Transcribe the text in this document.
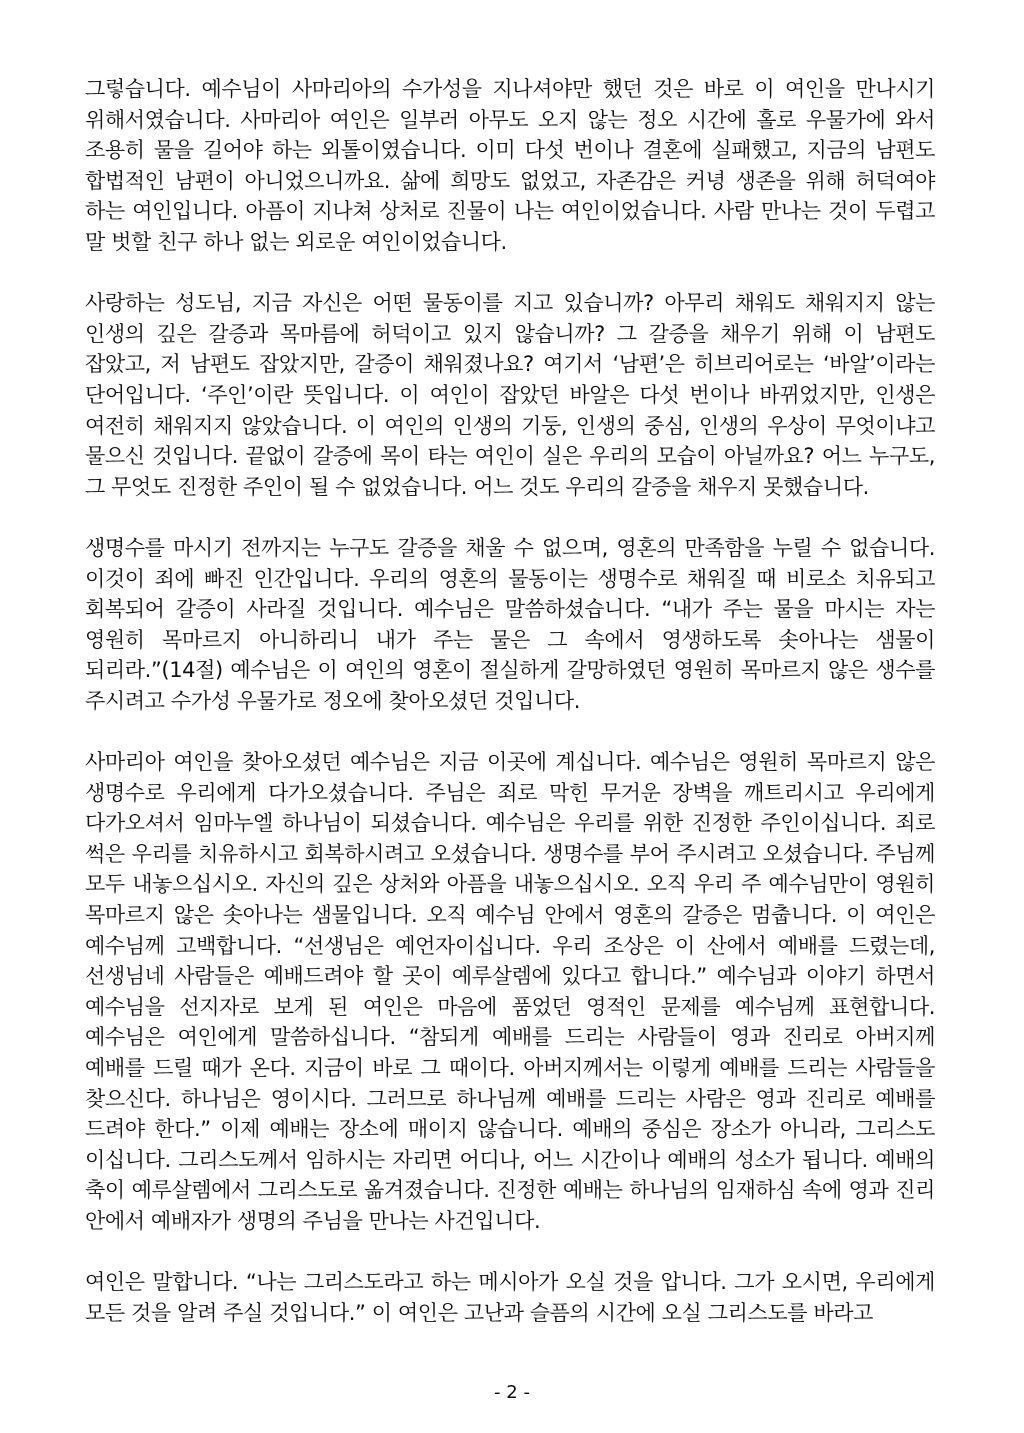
그렇습니다. 예수님이 사마리아의 수가성을 지나셔야만 했던 것은 바로 이 여인을 만나시기 위해서였습니다. 사마리아 여인은 일부러 아무도 오지 않는 정오 시간에 홀로 우물가에 와서 조용히 물을 길어야 하는 외톨이였습니다. 이미 다섯 번이나 결혼에 실패했고, 지금의 남편도 합법적인 남편이 아니었으니까요. 삶에 희망도 없었고, 자존감은 커녕 생존을 위해 허덕여야 하는 여인입니다. 아픔이 지나쳐 상처로 진물이 나는 여인이었습니다. 사람 만나는 것이 두렵고 말 벗할 친구 하나 없는 외로운 여인이었습니다.

사랑하는 성도님, 지금 자신은 어떤 물동이를 지고 있습니까? 아무리 채워도 채워지지 않는 인생의 깊은 갈증과 목마름에 허덕이고 있지 않습니까? 그 갈증을 채우기 위해 이 남편도 잡았고, 저 남편도 잡았지만, 갈증이 채워졌나요? 여기서 ‘남편’은 히브리어로는 ‘바알’이라는 단어입니다. ‘주인’이란 뜻입니다. 이 여인이 잡았던 바알은 다섯 번이나 바뀌었지만, 인생은 여전히 채워지지 않았습니다. 이 여인의 인생의 기둥, 인생의 중심, 인생의 우상이 무엇이냐고 물으신 것입니다. 끝없이 갈증에 목이 타는 여인이 실은 우리의 모습이 아닐까요? 어느 누구도, 그 무엇도 진정한 주인이 될 수 없었습니다. 어느 것도 우리의 갈증을 채우지 못했습니다.

생명수를 마시기 전까지는 누구도 갈증을 채울 수 없으며, 영혼의 만족함을 누릴 수 없습니다. 이것이 죄에 빠진 인간입니다. 우리의 영혼의 물동이는 생명수로 채워질 때 비로소 치유되고 회복되어 갈증이 사라질 것입니다. 예수님은 말씀하셨습니다. “내가 주는 물을 마시는 자는 영원히 목마르지 아니하리니 내가 주는 물은 그 속에서 영생하도록 솟아나는 샘물이 되리라.”(14절) 예수님은 이 여인의 영혼이 절실하게 갈망하였던 영원히 목마르지 않은 생수를 주시려고 수가성 우물가로 정오에 찾아오셨던 것입니다.

사마리아 여인을 찾아오셨던 예수님은 지금 이곳에 계십니다. 예수님은 영원히 목마르지 않은 생명수로 우리에게 다가오셨습니다. 주님은 죄로 막힌 무거운 장벽을 깨트리시고 우리에게 다가오셔서 임마누엘 하나님이 되셨습니다. 예수님은 우리를 위한 진정한 주인이십니다. 죄로 썩은 우리를 치유하시고 회복하시려고 오셨습니다. 생명수를 부어 주시려고 오셨습니다. 주님께 모두 내놓으십시오. 자신의 깊은 상처와 아픔을 내놓으십시오. 오직 우리 주 예수님만이 영원히 목마르지 않은 솟아나는 샘물입니다. 오직 예수님 안에서 영혼의 갈증은 멈춥니다. 이 여인은 예수님께 고백합니다. “선생님은 예언자이십니다. 우리 조상은 이 산에서 예배를 드렸는데, 선생님네 사람들은 예배드려야 할 곳이 예루살렘에 있다고 합니다.” 예수님과 이야기 하면서 예수님을 선지자로 보게 된 여인은 마음에 품었던 영적인 문제를 예수님께 표현합니다. 예수님은 여인에게 말씀하십니다. “참되게 예배를 드리는 사람들이 영과 진리로 아버지께 예배를 드릴 때가 온다. 지금이 바로 그 때이다. 아버지께서는 이렇게 예배를 드리는 사람들을 찾으신다. 하나님은 영이시다. 그러므로 하나님께 예배를 드리는 사람은 영과 진리로 예배를 드려야 한다.” 이제 예배는 장소에 매이지 않습니다. 예배의 중심은 장소가 아니라, 그리스도 이십니다. 그리스도께서 임하시는 자리면 어디나, 어느 시간이나 예배의 성소가 됩니다. 예배의 축이 예루살렘에서 그리스도로 옮겨졌습니다. 진정한 예배는 하나님의 임재하심 속에 영과 진리 안에서 예배자가 생명의 주님을 만나는 사건입니다.

여인은 말합니다. “나는 그리스도라고 하는 메시아가 오실 것을 압니다. 그가 오시면, 우리에게 모든 것을 알려 주실 것입니다.” 이 여인은 고난과 슬픔의 시간에 오실 그리스도를 바라고

- 2 -
